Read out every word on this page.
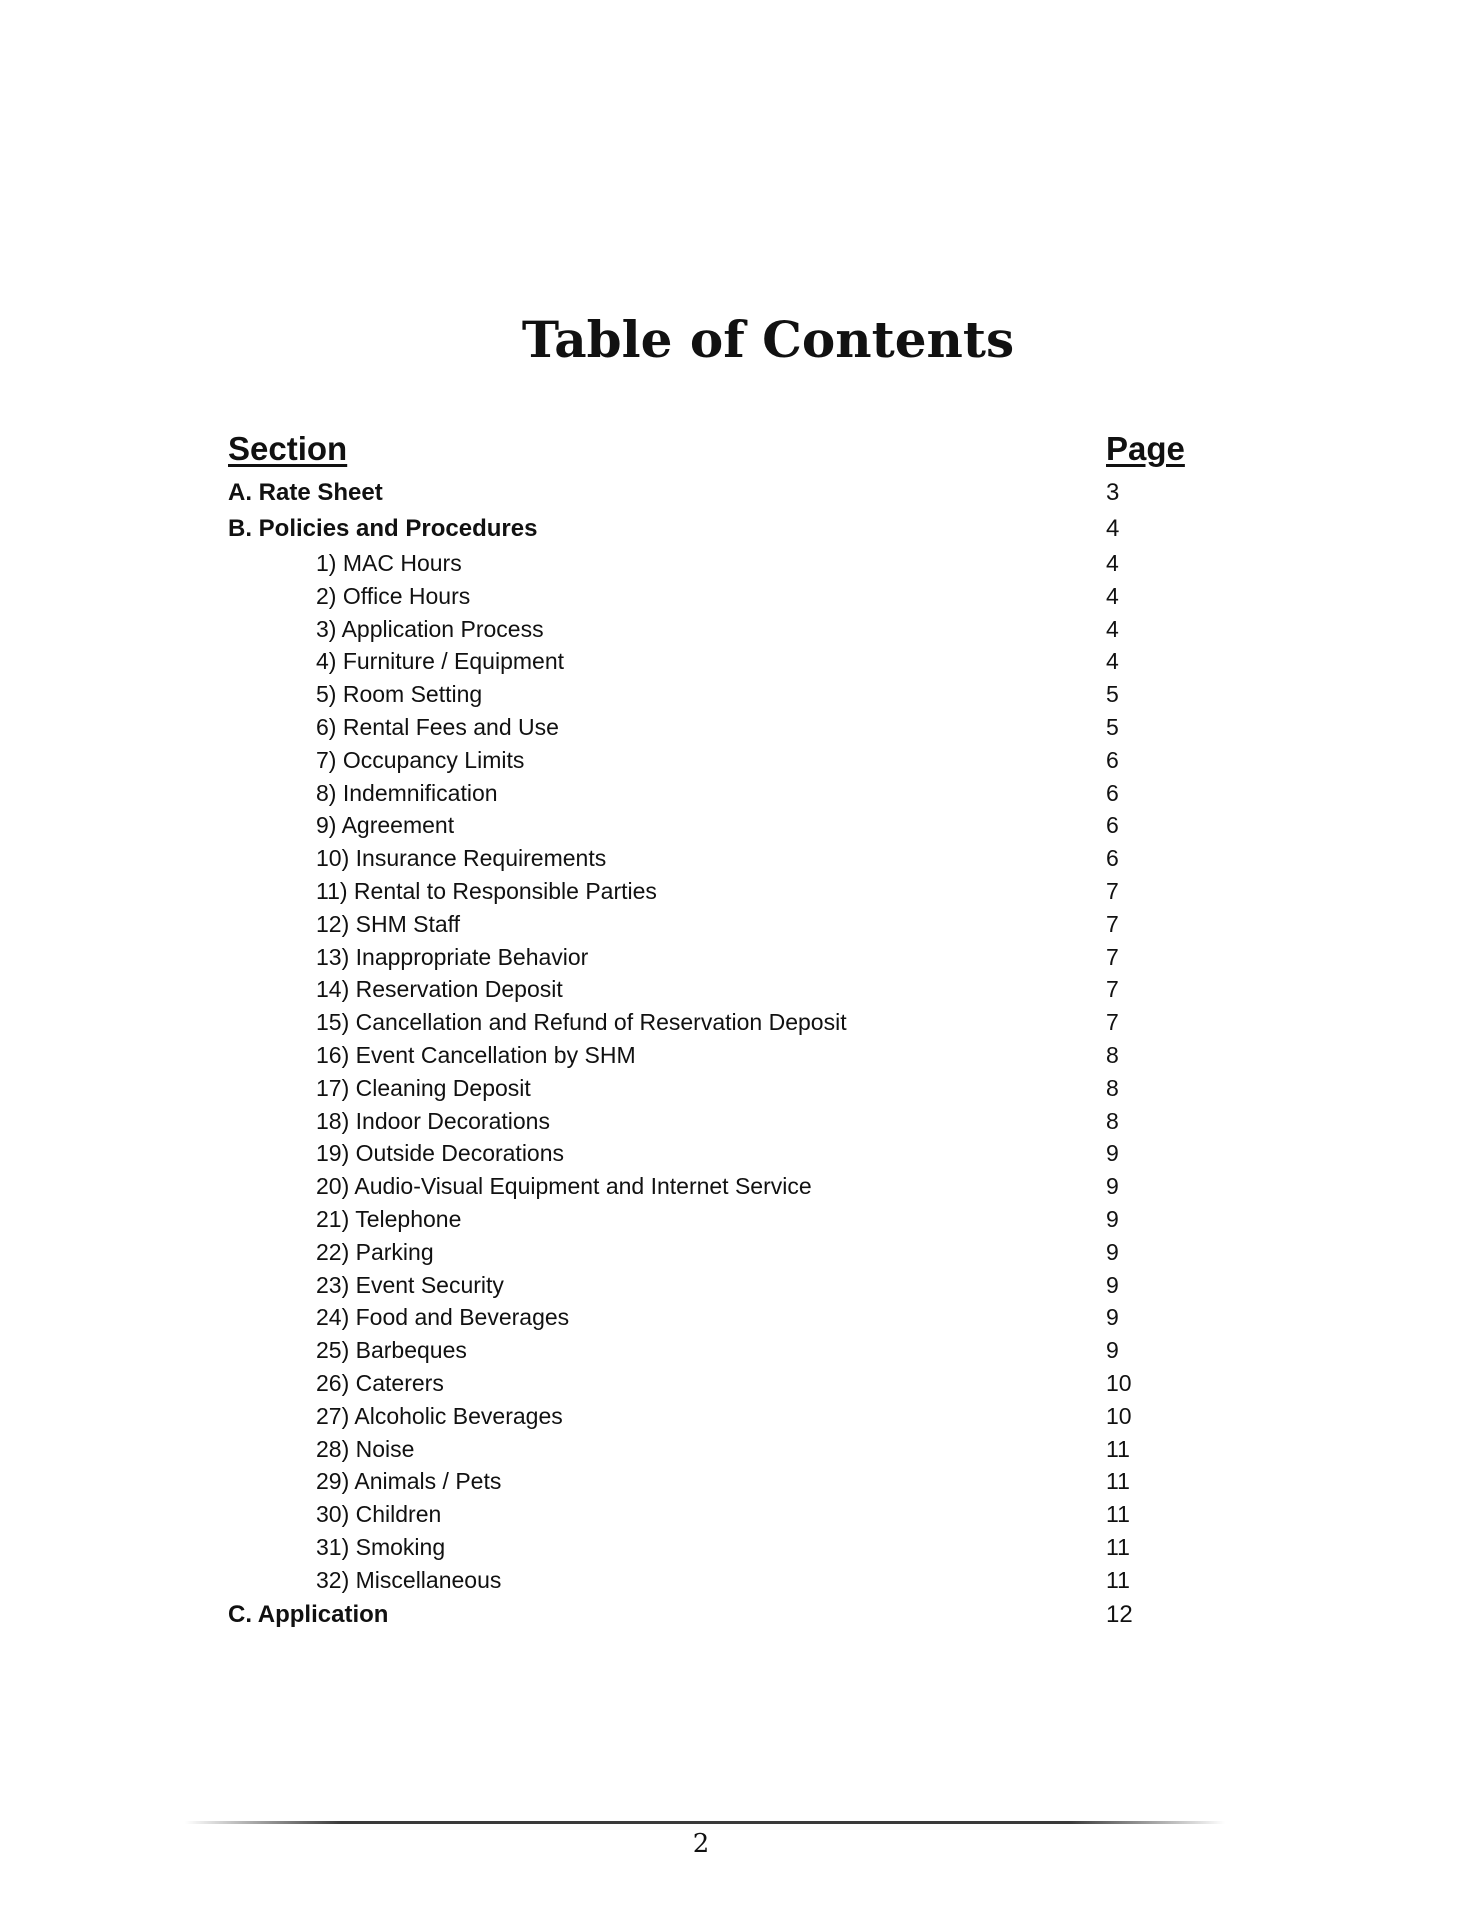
Table of Contents
Section	Page
A. Rate Sheet	3
B. Policies and Procedures	4
1) MAC Hours	4
2) Office Hours	4
3) Application Process	4
4) Furniture / Equipment	4
5) Room Setting	5
6) Rental Fees and Use	5
7) Occupancy Limits	6
8) Indemnification	6
9) Agreement	6
10) Insurance Requirements	6
11) Rental to Responsible Parties	7
12) SHM Staff	7
13) Inappropriate Behavior	7
14) Reservation Deposit	7
15) Cancellation and Refund of Reservation Deposit	7
16) Event Cancellation by SHM	8
17) Cleaning Deposit	8
18) Indoor Decorations	8
19) Outside Decorations	9
20) Audio-Visual Equipment and Internet Service	9
21) Telephone	9
22) Parking	9
23) Event Security	9
24) Food and Beverages	9
25) Barbeques	9
26) Caterers	10
27) Alcoholic Beverages	10
28) Noise	11
29) Animals / Pets	11
30) Children	11
31) Smoking	11
32) Miscellaneous	11
C. Application	12
2
